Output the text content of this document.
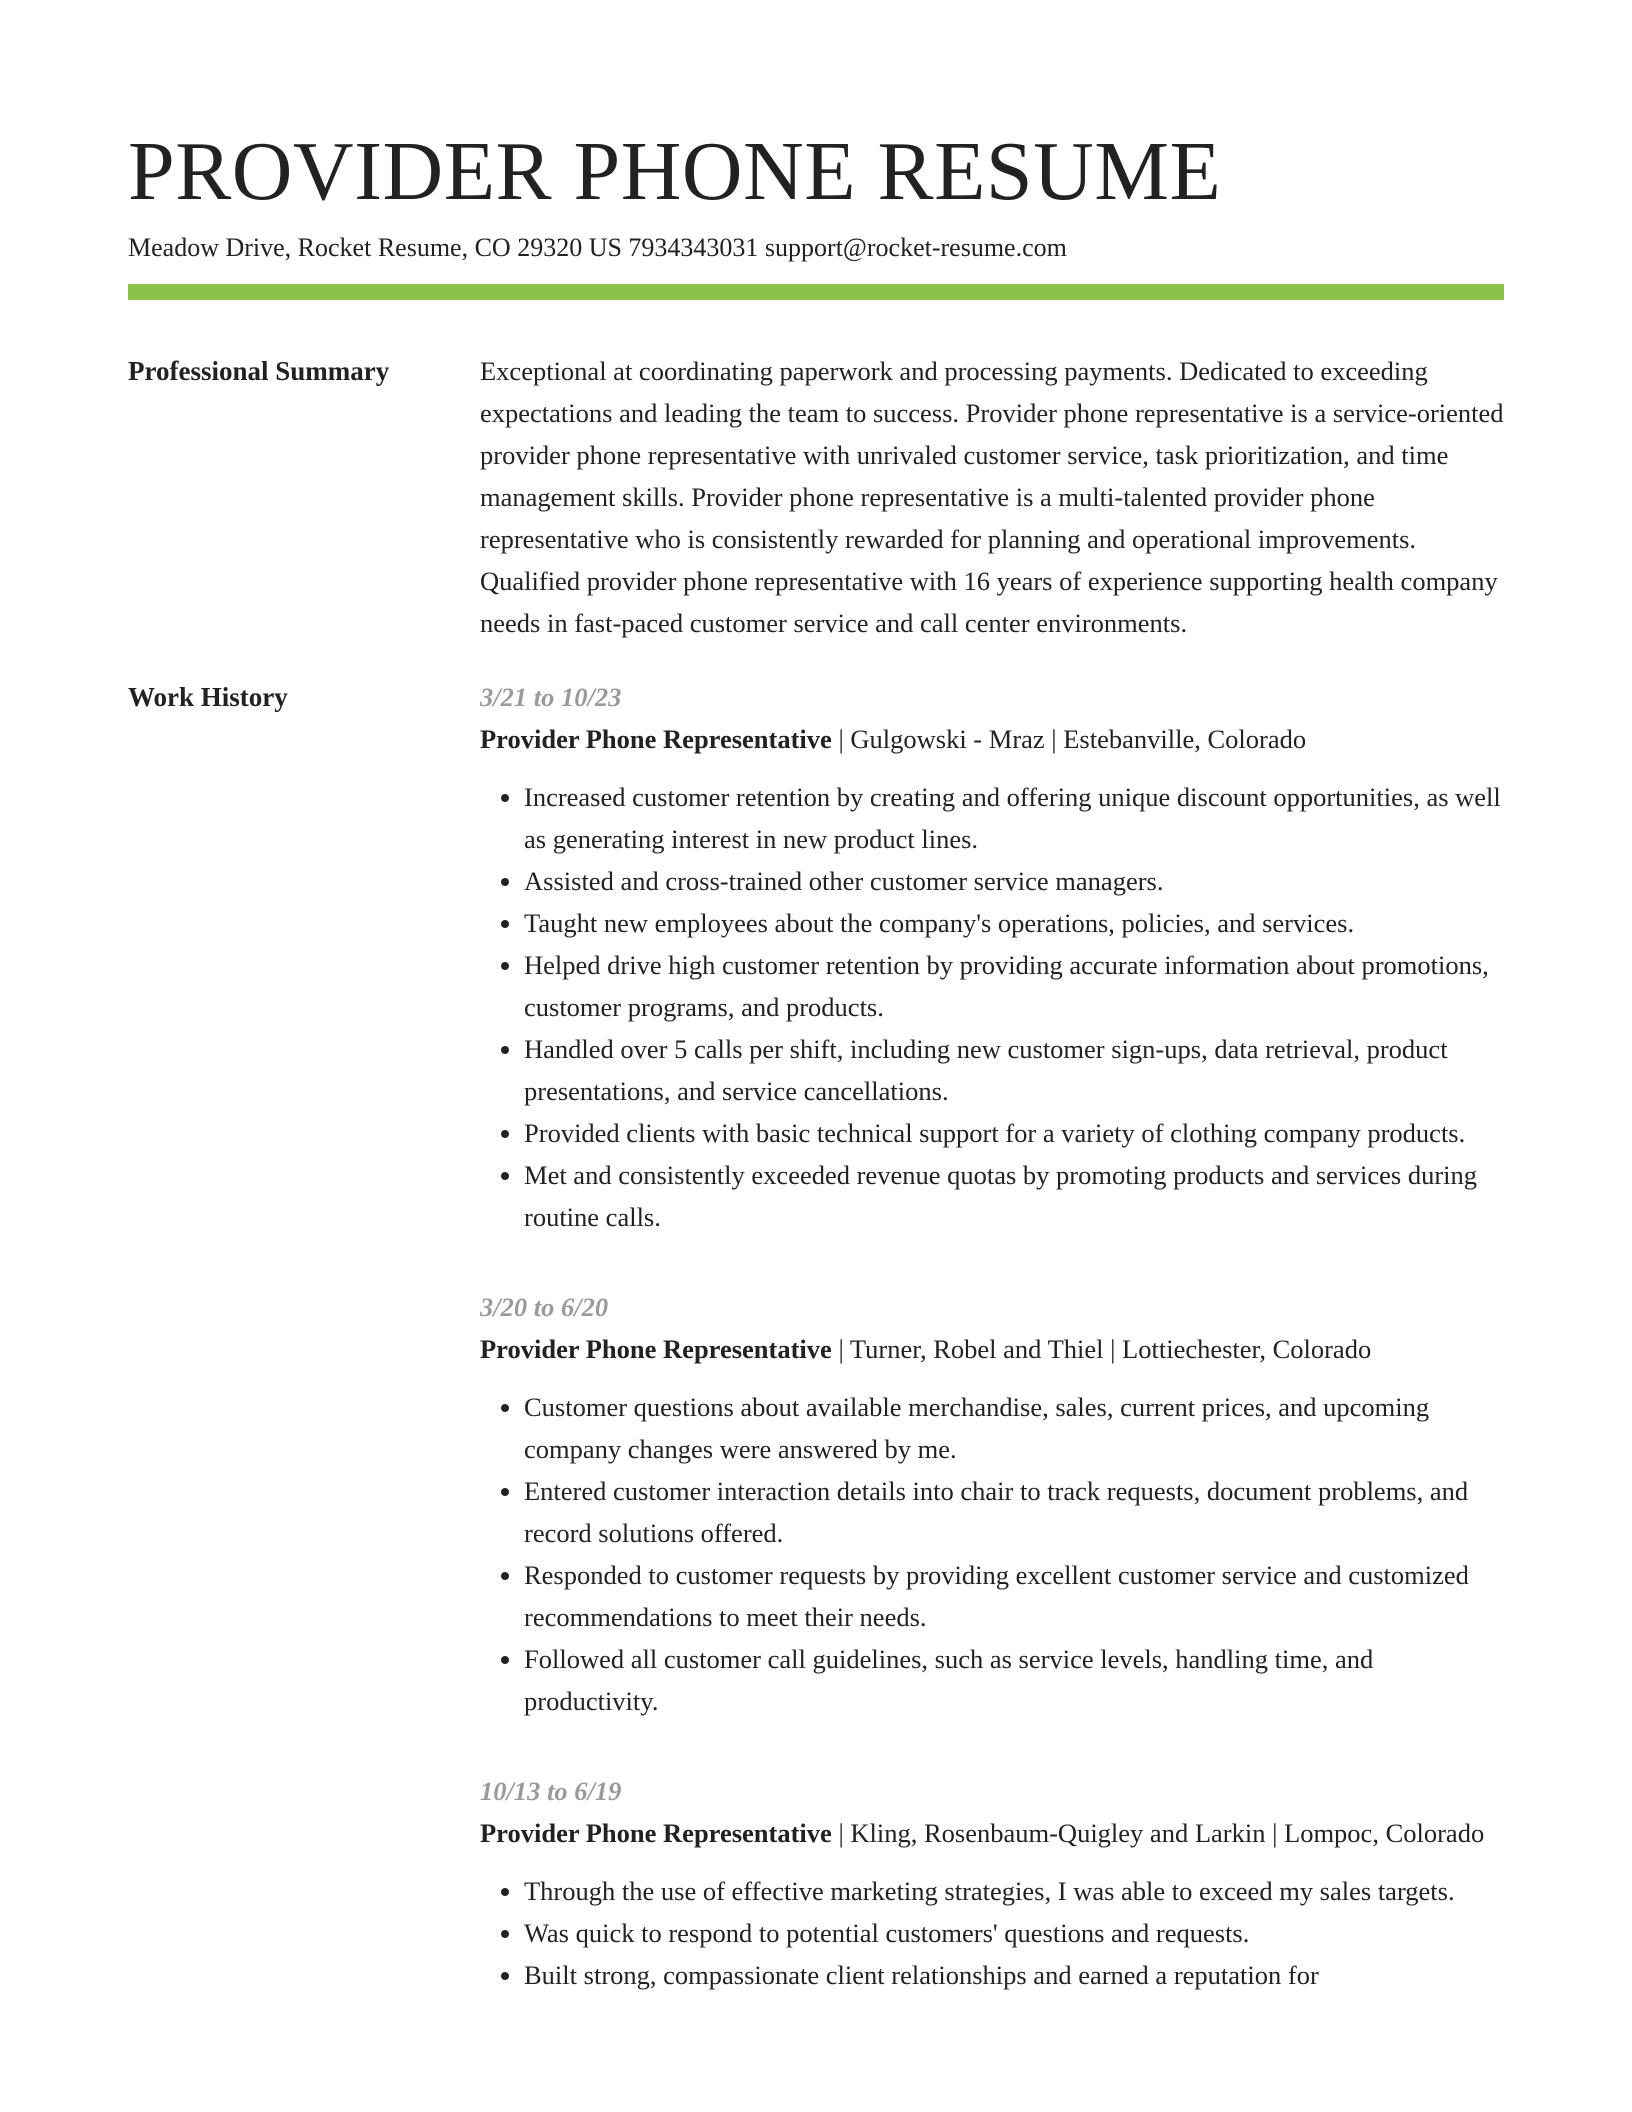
PROVIDER PHONE RESUME
Meadow Drive, Rocket Resume, CO 29320 US 7934343031 support@rocket-resume.com
Professional Summary	Exceptional at coordinating paperwork and processing payments. Dedicated to exceeding expectations and leading the team to success. Provider phone representative is a service-oriented provider phone representative with unrivaled customer service, task prioritization, and time management skills. Provider phone representative is a multi-talented provider phone representative who is consistently rewarded for planning and operational improvements. Qualified provider phone representative with 16 years of experience supporting health company needs in fast-paced customer service and call center environments.

Work History	3/21 to 10/23
Provider Phone Representative | Gulgowski - Mraz | Estebanville, Colorado
• Increased customer retention by creating and offering unique discount opportunities, as well as generating interest in new product lines.
• Assisted and cross-trained other customer service managers.
• Taught new employees about the company's operations, policies, and services.
• Helped drive high customer retention by providing accurate information about promotions, customer programs, and products.
• Handled over 5 calls per shift, including new customer sign-ups, data retrieval, product presentations, and service cancellations.
• Provided clients with basic technical support for a variety of clothing company products.
• Met and consistently exceeded revenue quotas by promoting products and services during routine calls.
3/20 to 6/20
Provider Phone Representative | Turner, Robel and Thiel | Lottiechester, Colorado
• Customer questions about available merchandise, sales, current prices, and upcoming company changes were answered by me.
• Entered customer interaction details into chair to track requests, document problems, and record solutions offered.
• Responded to customer requests by providing excellent customer service and customized recommendations to meet their needs.
• Followed all customer call guidelines, such as service levels, handling time, and productivity.
10/13 to 6/19
Provider Phone Representative | Kling, Rosenbaum-Quigley and Larkin | Lompoc, Colorado
• Through the use of effective marketing strategies, I was able to exceed my sales targets.
• Was quick to respond to potential customers' questions and requests.
• Built strong, compassionate client relationships and earned a reputation for
